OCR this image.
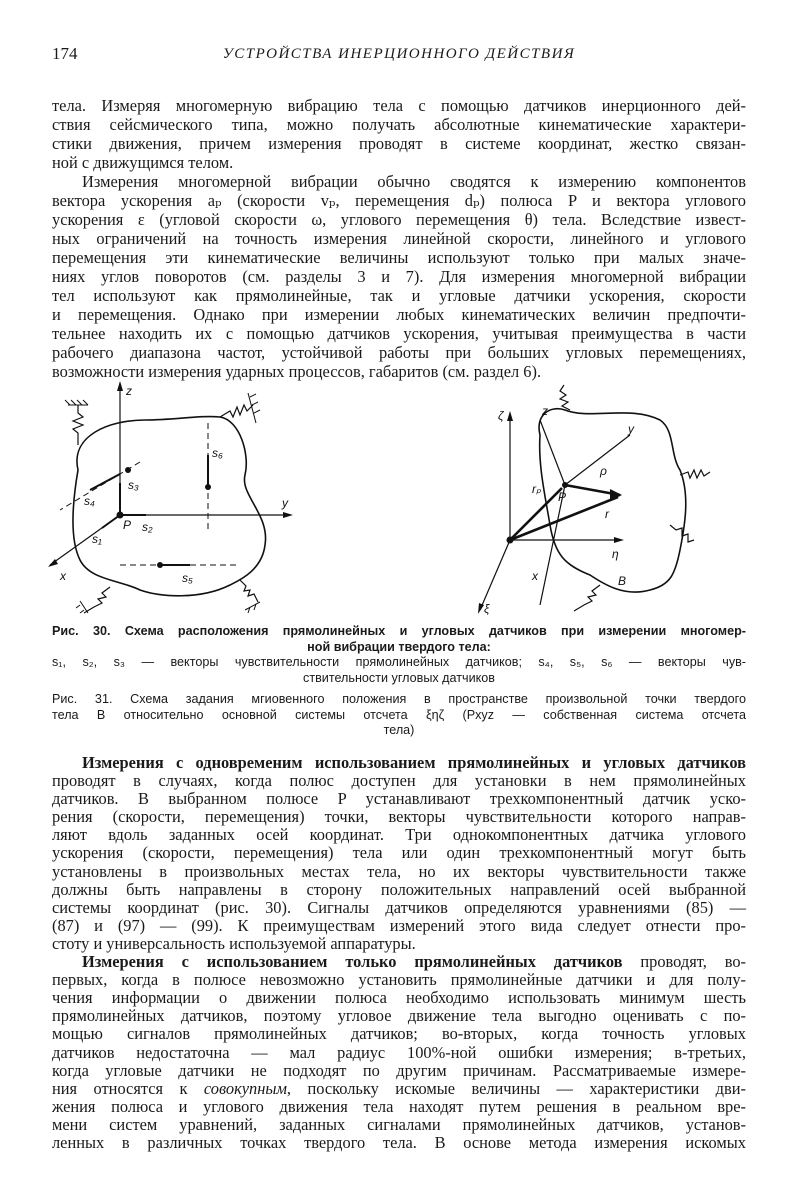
174	УСТРОЙСТВА ИНЕРЦИОННОГО ДЕЙСТВИЯ
тела. Измеряя многомерную вибрацию тела с помощью датчиков инерционного дей-
ствия сейсмического типа, можно получать абсолютные кинематические характери-
стики движения, причем измерения проводят в системе координат, жестко связан-
ной с движущимся телом.
Измерения многомерной вибрации обычно сводятся к измерению компонентов
вектора ускорения aₚ (скорости vₚ, перемещения dₚ) полюса P и вектора углового
ускорения ε (угловой скорости ω, углового перемещения θ) тела. Вследствие извест-
ных ограничений на точность измерения линейной скорости, линейного и углового
перемещения эти кинематические величины используют только при малых значе-
ниях углов поворотов (см. разделы 3 и 7). Для измерения многомерной вибрации
тел используют как прямолинейные, так и угловые датчики ускорения, скорости
и перемещения. Однако при измерении любых кинематических величин предпочти-
тельнее находить их с помощью датчиков ускорения, учитывая преимущества в части
рабочего диапазона частот, устойчивой работы при больших угловых перемещениях,
возможности измерения ударных процессов, габаритов (см. раздел 6).
z
y
x
P
s₁
s₂
s₃
s₄
s₅
s₆
ζ
η
ξ
z
y
x
P
rₚ
ρ
r
B
Рис. 30. Схема расположения прямолинейных и угловых датчиков при измерении многомер-
ной вибрации твердого тела:
s₁, s₂, s₃ — векторы чувствительности прямолинейных датчиков; s₄, s₅, s₆ — векторы чув-
ствительности угловых датчиков
Рис. 31. Схема задания мгиовенного положения в пространстве произвольной точки твердого
тела B относительно основной системы отсчета ξηζ (Pxyz — собственная система отсчета
тела)
Измерения с одновременим использованием прямолинейных и угловых датчиков
проводят в случаях, когда полюс доступен для установки в нем прямолинейных
датчиков. В выбранном полюсе P устанавливают трехкомпонентный датчик уско-
рения (скорости, перемещения) точки, векторы чувствительности которого направ-
ляют вдоль заданных осей координат. Три однокомпонентных датчика углового
ускорения (скорости, перемещения) тела или один трехкомпонентный могут быть
установлены в произвольных местах тела, но их векторы чувствительности также
должны быть направлены в сторону положительных направлений осей выбранной
системы координат (рис. 30). Сигналы датчиков определяются уравнениями (85) —
(87) и (97) — (99). К преимуществам измерений этого вида следует отнести про-
стоту и универсальность используемой аппаратуры.
Измерения с использованием только прямолинейных датчиков проводят, во-
первых, когда в полюсе невозможно установить прямолинейные датчики и для полу-
чения информации о движении полюса необходимо использовать минимум шесть
прямолинейных датчиков, поэтому угловое движение тела выгодно оценивать с по-
мощью сигналов прямолинейных датчиков; во-вторых, когда точность угловых
датчиков недостаточна — мал радиус 100%-ной ошибки измерения; в-третьих,
когда угловые датчики не подходят по другим причинам. Рассматриваемые измере-
ния относятся к совокупным, поскольку искомые величины — характеристики дви-
жения полюса и углового движения тела находят путем решения в реальном вре-
мени систем уравнений, заданных сигналами прямолинейных датчиков, установ-
ленных в различных точках твердого тела. В основе метода измерения искомых
